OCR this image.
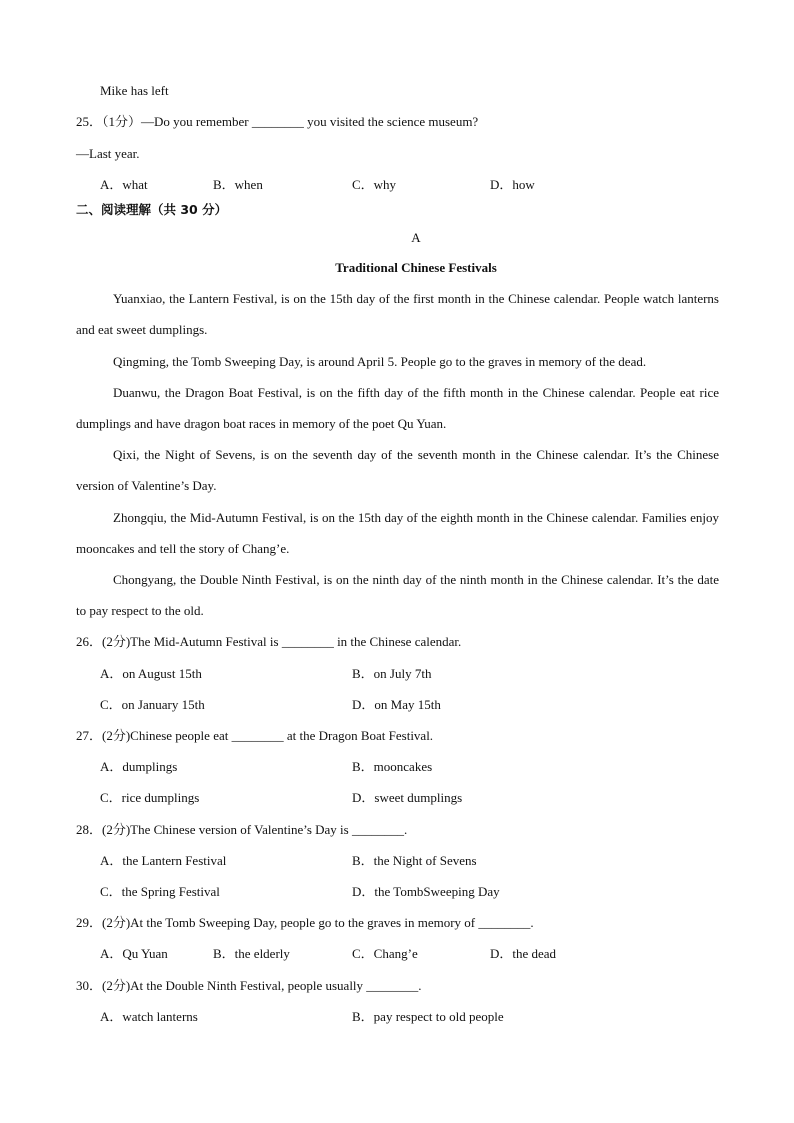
Mike has left
25．（1分）—Do you remember ________ you visited the science museum?
—Last year.
A．what	B．when	C．why	D．how
二、阅读理解（共 30 分）
A
Traditional Chinese Festivals
Yuanxiao, the Lantern Festival, is on the 15th day of the first month in the Chinese calendar. People watch lanterns and eat sweet dumplings.
Qingming, the Tomb Sweeping Day, is around April 5. People go to the graves in memory of the dead.
Duanwu, the Dragon Boat Festival, is on the fifth day of the fifth month in the Chinese calendar. People eat rice dumplings and have dragon boat races in memory of the poet Qu Yuan.
Qixi, the Night of Sevens, is on the seventh day of the seventh month in the Chinese calendar. It’s the Chinese version of Valentine’s Day.
Zhongqiu, the Mid-Autumn Festival, is on the 15th day of the eighth month in the Chinese calendar. Families enjoy mooncakes and tell the story of Chang’e.
Chongyang, the Double Ninth Festival, is on the ninth day of the ninth month in the Chinese calendar. It’s the date to pay respect to the old.
26．(2分)The Mid-Autumn Festival is ________ in the Chinese calendar.
A．on August 15th	B．on July 7th
C．on January 15th	D．on May 15th
27．(2分)Chinese people eat ________ at the Dragon Boat Festival.
A．dumplings	B．mooncakes
C．rice dumplings	D．sweet dumplings
28．(2分)The Chinese version of Valentine’s Day is ________.
A．the Lantern Festival	B．the Night of Sevens
C．the Spring Festival	D．the TombSweeping Day
29．(2分)At the Tomb Sweeping Day, people go to the graves in memory of ________.
A．Qu Yuan	B．the elderly	C．Chang’e	D．the dead
30．(2分)At the Double Ninth Festival, people usually ________.
A．watch lanterns	B．pay respect to old people
